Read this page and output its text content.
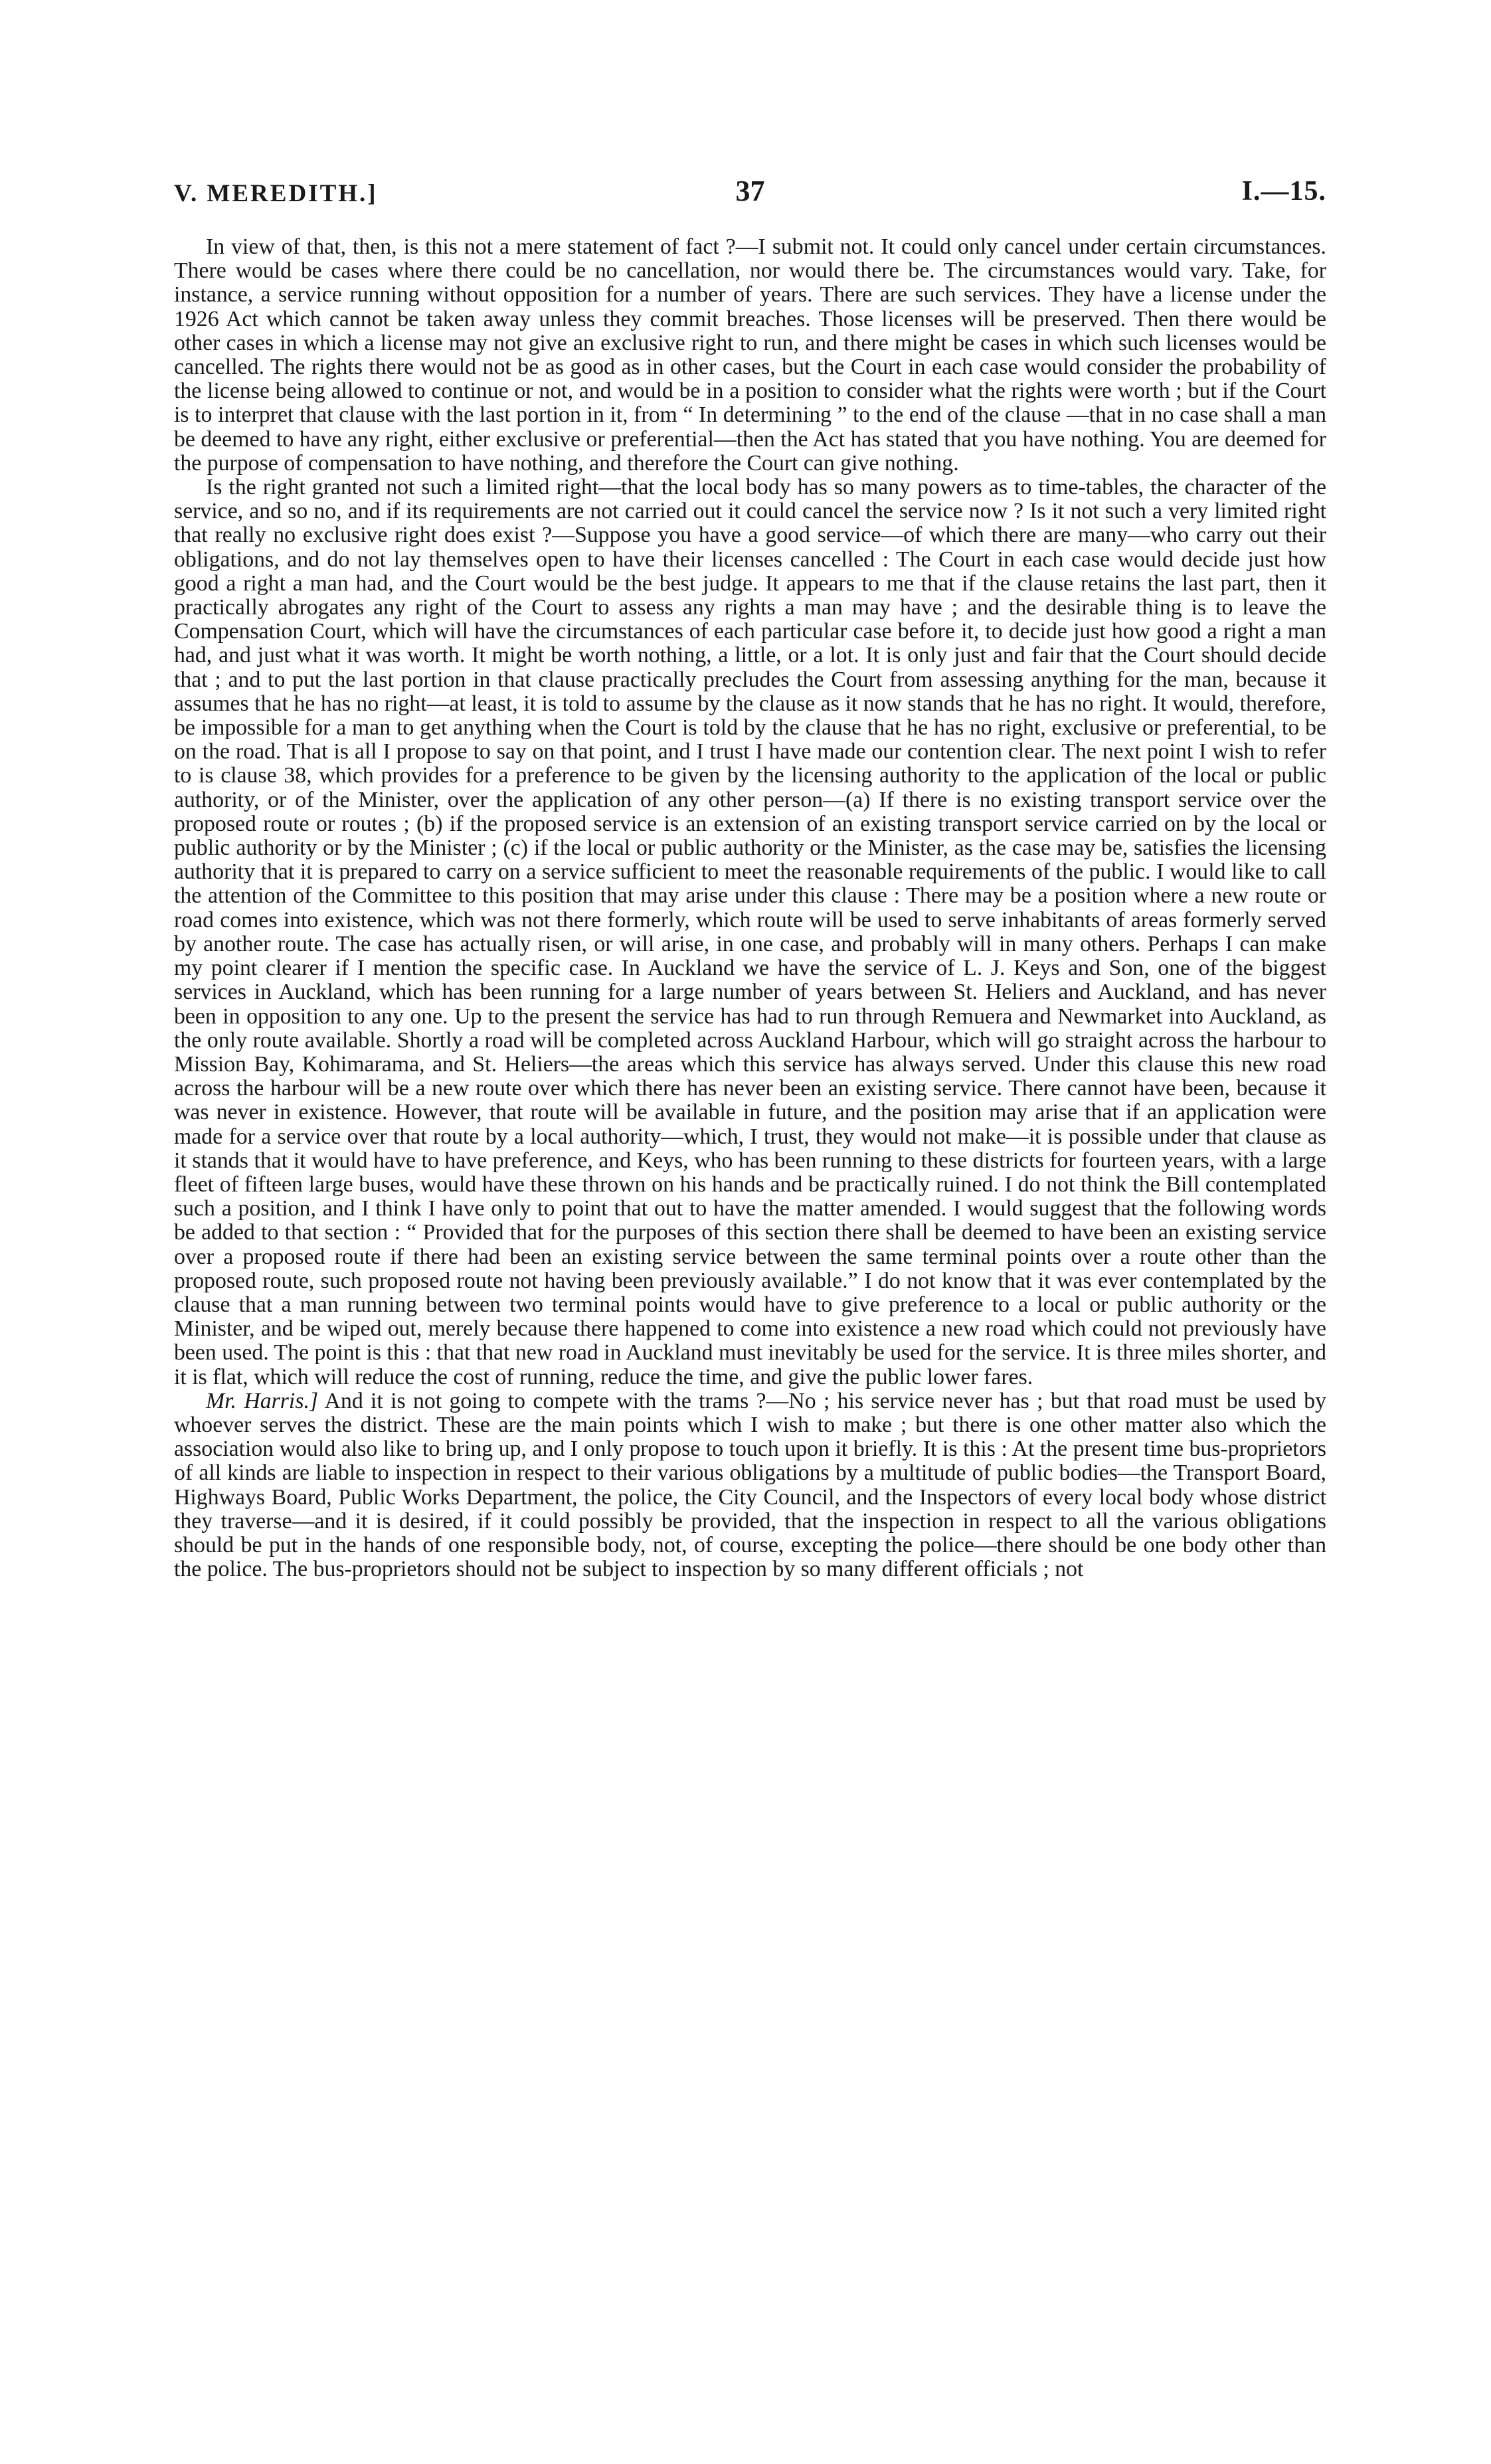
V. MEREDITH.]	37	I.—15.

In view of that, then, is this not a mere statement of fact ?—I submit not. It could only cancel under certain circumstances. There would be cases where there could be no cancellation, nor would there be. The circumstances would vary. Take, for instance, a service running without opposition for a number of years. There are such services. They have a license under the 1926 Act which cannot be taken away unless they commit breaches. Those licenses will be preserved. Then there would be other cases in which a license may not give an exclusive right to run, and there might be cases in which such licenses would be cancelled. The rights there would not be as good as in other cases, but the Court in each case would consider the probability of the license being allowed to continue or not, and would be in a position to consider what the rights were worth ; but if the Court is to interpret that clause with the last portion in it, from “ In determining ” to the end of the clause —that in no case shall a man be deemed to have any right, either exclusive or preferential—then the Act has stated that you have nothing. You are deemed for the purpose of compensation to have nothing, and therefore the Court can give nothing.

Is the right granted not such a limited right—that the local body has so many powers as to time-tables, the character of the service, and so no, and if its requirements are not carried out it could cancel the service now ? Is it not such a very limited right that really no exclusive right does exist ?—Suppose you have a good service—of which there are many—who carry out their obligations, and do not lay themselves open to have their licenses cancelled : The Court in each case would decide just how good a right a man had, and the Court would be the best judge. It appears to me that if the clause retains the last part, then it practically abrogates any right of the Court to assess any rights a man may have ; and the desirable thing is to leave the Compensation Court, which will have the circumstances of each particular case before it, to decide just how good a right a man had, and just what it was worth. It might be worth nothing, a little, or a lot. It is only just and fair that the Court should decide that ; and to put the last portion in that clause practically precludes the Court from assessing anything for the man, because it assumes that he has no right—at least, it is told to assume by the clause as it now stands that he has no right. It would, therefore, be impossible for a man to get anything when the Court is told by the clause that he has no right, exclusive or preferential, to be on the road. That is all I propose to say on that point, and I trust I have made our contention clear. The next point I wish to refer to is clause 38, which provides for a preference to be given by the licensing authority to the application of the local or public authority, or of the Minister, over the application of any other person—(a) If there is no existing transport service over the proposed route or routes ; (b) if the proposed service is an extension of an existing transport service carried on by the local or public authority or by the Minister ; (c) if the local or public authority or the Minister, as the case may be, satisfies the licensing authority that it is prepared to carry on a service sufficient to meet the reasonable requirements of the public. I would like to call the attention of the Committee to this position that may arise under this clause : There may be a position where a new route or road comes into existence, which was not there formerly, which route will be used to serve inhabitants of areas formerly served by another route. The case has actually risen, or will arise, in one case, and probably will in many others. Perhaps I can make my point clearer if I mention the specific case. In Auckland we have the service of L. J. Keys and Son, one of the biggest services in Auckland, which has been running for a large number of years between St. Heliers and Auckland, and has never been in opposition to any one. Up to the present the service has had to run through Remuera and Newmarket into Auckland, as the only route available. Shortly a road will be completed across Auckland Harbour, which will go straight across the harbour to Mission Bay, Kohimarama, and St. Heliers—the areas which this service has always served. Under this clause this new road across the harbour will be a new route over which there has never been an existing service. There cannot have been, because it was never in existence. However, that route will be available in future, and the position may arise that if an application were made for a service over that route by a local authority—which, I trust, they would not make—it is possible under that clause as it stands that it would have to have preference, and Keys, who has been running to these districts for fourteen years, with a large fleet of fifteen large buses, would have these thrown on his hands and be practically ruined. I do not think the Bill contemplated such a position, and I think I have only to point that out to have the matter amended. I would suggest that the following words be added to that section : “ Provided that for the purposes of this section there shall be deemed to have been an existing service over a proposed route if there had been an existing service between the same terminal points over a route other than the proposed route, such proposed route not having been previously available.” I do not know that it was ever contemplated by the clause that a man running between two terminal points would have to give preference to a local or public authority or the Minister, and be wiped out, merely because there happened to come into existence a new road which could not previously have been used. The point is this : that that new road in Auckland must inevitably be used for the service. It is three miles shorter, and it is flat, which will reduce the cost of running, reduce the time, and give the public lower fares.

Mr. Harris.] And it is not going to compete with the trams ?—No ; his service never has ; but that road must be used by whoever serves the district. These are the main points which I wish to make ; but there is one other matter also which the association would also like to bring up, and I only propose to touch upon it briefly. It is this : At the present time bus-proprietors of all kinds are liable to inspection in respect to their various obligations by a multitude of public bodies—the Transport Board, Highways Board, Public Works Department, the police, the City Council, and the Inspectors of every local body whose district they traverse—and it is desired, if it could possibly be provided, that the inspection in respect to all the various obligations should be put in the hands of one responsible body, not, of course, excepting the police—there should be one body other than the police. The bus-proprietors should not be subject to inspection by so many different officials ; not
